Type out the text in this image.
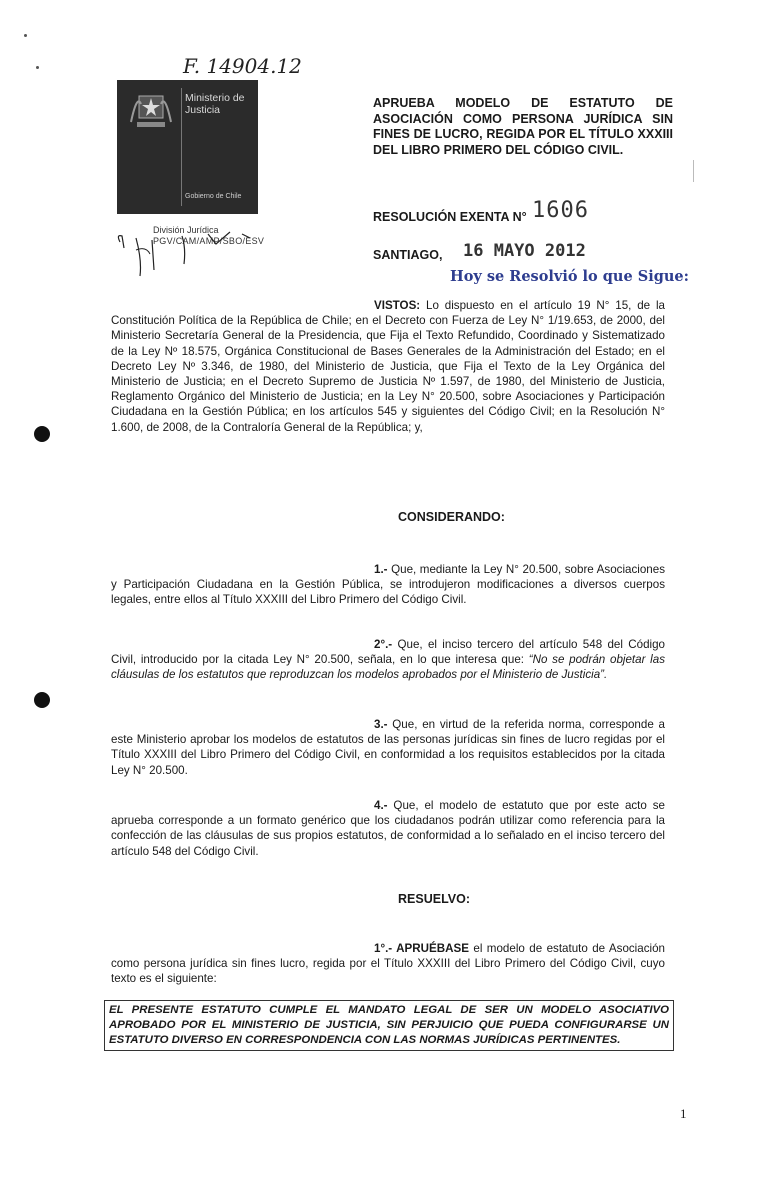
F. 14904.12
Ministerio de Justicia
Gobierno de Chile
División Jurídica
PGV/CAM/AMP/SBO/ESV
APRUEBA MODELO DE ESTATUTO DE ASOCIACIÓN COMO PERSONA JURÍDICA SIN FINES DE LUCRO, REGIDA POR EL TÍTULO XXXIII DEL LIBRO PRIMERO DEL CÓDIGO CIVIL.
RESOLUCIÓN EXENTA N° 1606
SANTIAGO, 16 MAYO 2012
Hoy se Resolvió lo que Sigue:
VISTOS: Lo dispuesto en el artículo 19 N° 15, de la Constitución Política de la República de Chile; en el Decreto con Fuerza de Ley N° 1/19.653, de 2000, del Ministerio Secretaría General de la Presidencia, que Fija el Texto Refundido, Coordinado y Sistematizado de la Ley Nº 18.575, Orgánica Constitucional de Bases Generales de la Administración del Estado; en el Decreto Ley Nº 3.346, de 1980, del Ministerio de Justicia, que Fija el Texto de la Ley Orgánica del Ministerio de Justicia; en el Decreto Supremo de Justicia Nº 1.597, de 1980, del Ministerio de Justicia, Reglamento Orgánico del Ministerio de Justicia; en la Ley N° 20.500, sobre Asociaciones y Participación Ciudadana en la Gestión Pública; en los artículos 545 y siguientes del Código Civil; en la Resolución N° 1.600, de 2008, de la Contraloría General de la República; y,
CONSIDERANDO:
1.- Que, mediante la Ley N° 20.500, sobre Asociaciones y Participación Ciudadana en la Gestión Pública, se introdujeron modificaciones a diversos cuerpos legales, entre ellos al Título XXXIII del Libro Primero del Código Civil.
2°.- Que, el inciso tercero del artículo 548 del Código Civil, introducido por la citada Ley N° 20.500, señala, en lo que interesa que: “No se podrán objetar las cláusulas de los estatutos que reproduzcan los modelos aprobados por el Ministerio de Justicia”.
3.- Que, en virtud de la referida norma, corresponde a este Ministerio aprobar los modelos de estatutos de las personas jurídicas sin fines de lucro regidas por el Título XXXIII del Libro Primero del Código Civil, en conformidad a los requisitos establecidos por la citada Ley N° 20.500.
4.- Que, el modelo de estatuto que por este acto se aprueba corresponde a un formato genérico que los ciudadanos podrán utilizar como referencia para la confección de las cláusulas de sus propios estatutos, de conformidad a lo señalado en el inciso tercero del artículo 548 del Código Civil.
RESUELVO:
1°.- APRUÉBASE el modelo de estatuto de Asociación como persona jurídica sin fines lucro, regida por el Título XXXIII del Libro Primero del Código Civil, cuyo texto es el siguiente:
EL PRESENTE ESTATUTO CUMPLE EL MANDATO LEGAL DE SER UN MODELO ASOCIATIVO APROBADO POR EL MINISTERIO DE JUSTICIA, SIN PERJUICIO QUE PUEDA CONFIGURARSE UN ESTATUTO DIVERSO EN CORRESPONDENCIA CON LAS NORMAS JURÍDICAS PERTINENTES.
1
